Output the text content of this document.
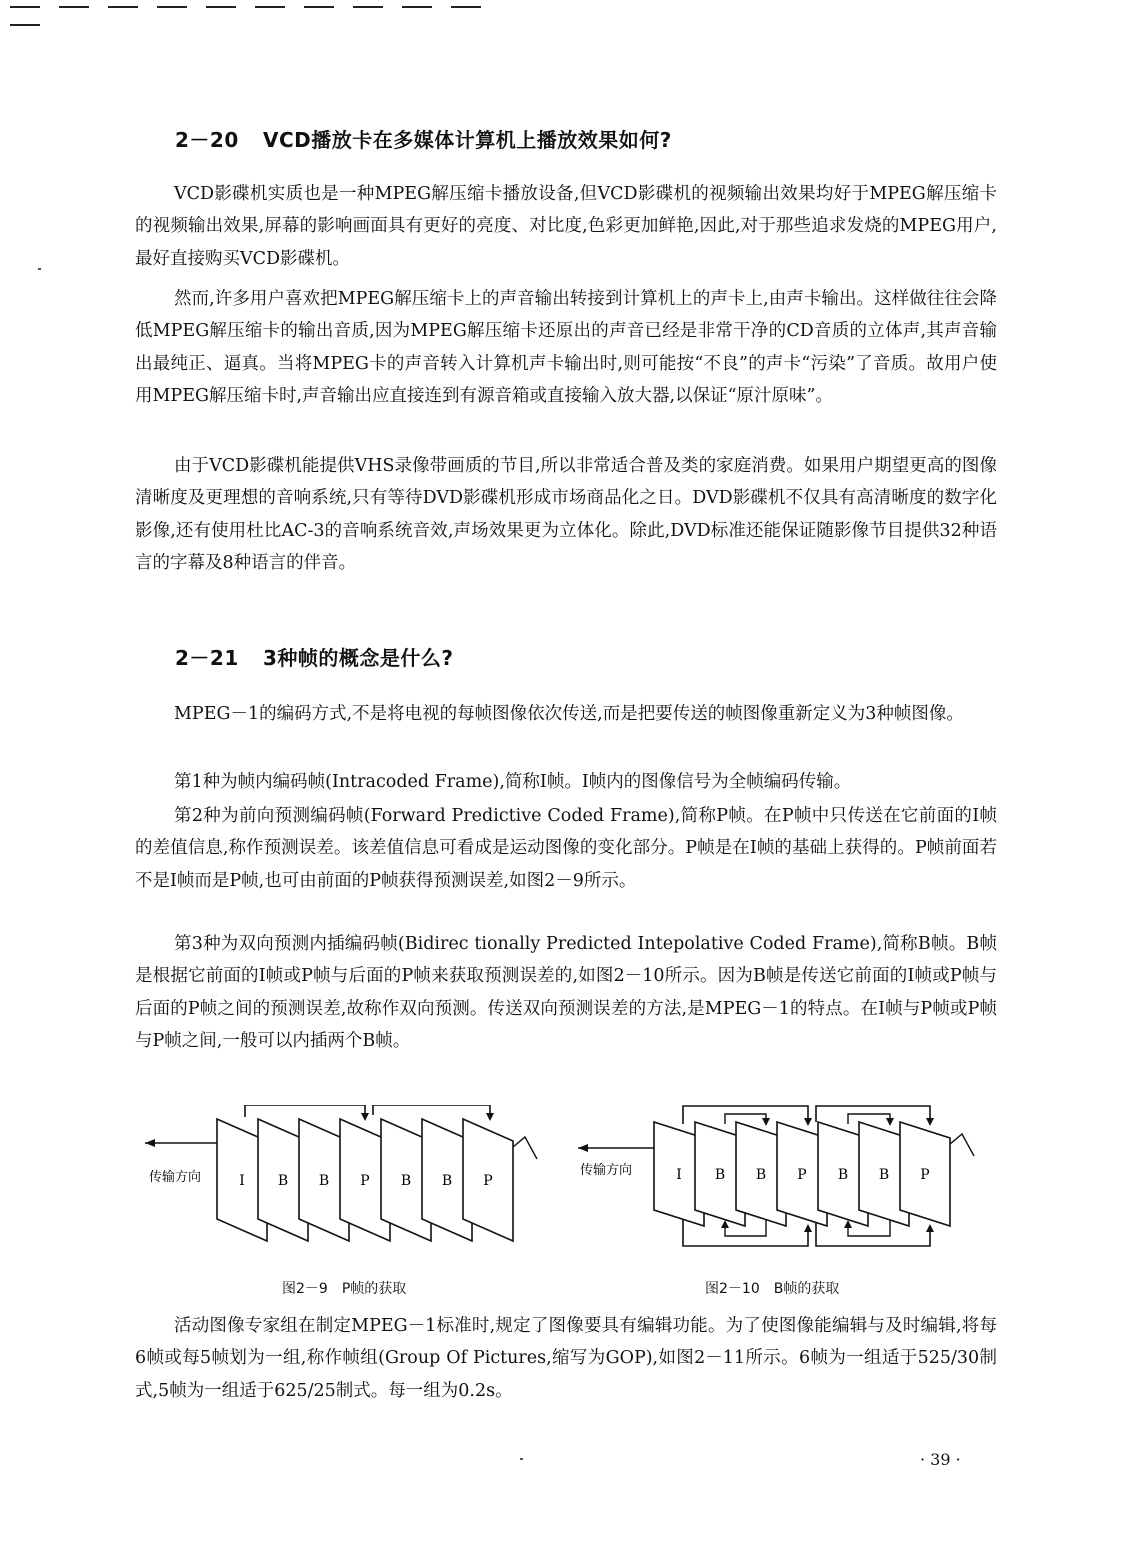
2－20 VCD播放卡在多媒体计算机上播放效果如何?
VCD影碟机实质也是一种MPEG解压缩卡播放设备,但VCD影碟机的视频输出效果均好于MPEG解压缩卡的视频输出效果,屏幕的影响画面具有更好的亮度、对比度,色彩更加鲜艳,因此,对于那些追求发烧的MPEG用户,最好直接购买VCD影碟机。
然而,许多用户喜欢把MPEG解压缩卡上的声音输出转接到计算机上的声卡上,由声卡输出。这样做往往会降低MPEG解压缩卡的输出音质,因为MPEG解压缩卡还原出的声音已经是非常干净的CD音质的立体声,其声音输出最纯正、逼真。当将MPEG卡的声音转入计算机声卡输出时,则可能按“不良”的声卡“污染”了音质。故用户使用MPEG解压缩卡时,声音输出应直接连到有源音箱或直接输入放大器,以保证“原汁原味”。
由于VCD影碟机能提供VHS录像带画质的节目,所以非常适合普及类的家庭消费。如果用户期望更高的图像清晰度及更理想的音响系统,只有等待DVD影碟机形成市场商品化之日。DVD影碟机不仅具有高清晰度的数字化影像,还有使用杜比AC-3的音响系统音效,声场效果更为立体化。除此,DVD标准还能保证随影像节目提供32种语言的字幕及8种语言的伴音。
2－21 3种帧的概念是什么?
MPEG－1的编码方式,不是将电视的每帧图像依次传送,而是把要传送的帧图像重新定义为3种帧图像。
第1种为帧内编码帧(Intracoded Frame),简称I帧。I帧内的图像信号为全帧编码传输。
第2种为前向预测编码帧(Forward Predictive Coded Frame),简称P帧。在P帧中只传送在它前面的I帧的差值信息,称作预测误差。该差值信息可看成是运动图像的变化部分。P帧是在I帧的基础上获得的。P帧前面若不是I帧而是P帧,也可由前面的P帧获得预测误差,如图2－9所示。
第3种为双向预测内插编码帧(Bidirec tionally Predicted Intepolative Coded Frame),简称B帧。B帧是根据它前面的I帧或P帧与后面的P帧来获取预测误差的,如图2－10所示。因为B帧是传送它前面的I帧或P帧与后面的P帧之间的预测误差,故称作双向预测。传送双向预测误差的方法,是MPEG－1的特点。在I帧与P帧或P帧与P帧之间,一般可以内插两个B帧。
传输方向	I B B P B B P
图2－9　P帧的获取
传输方向	I B B P B B P
图2－10　B帧的获取
活动图像专家组在制定MPEG－1标准时,规定了图像要具有编辑功能。为了使图像能编辑与及时编辑,将每6帧或每5帧划为一组,称作帧组(Group Of Pictures,缩写为GOP),如图2－11所示。6帧为一组适于525/30制式,5帧为一组适于625/25制式。每一组为0.2s。
· 39 ·
